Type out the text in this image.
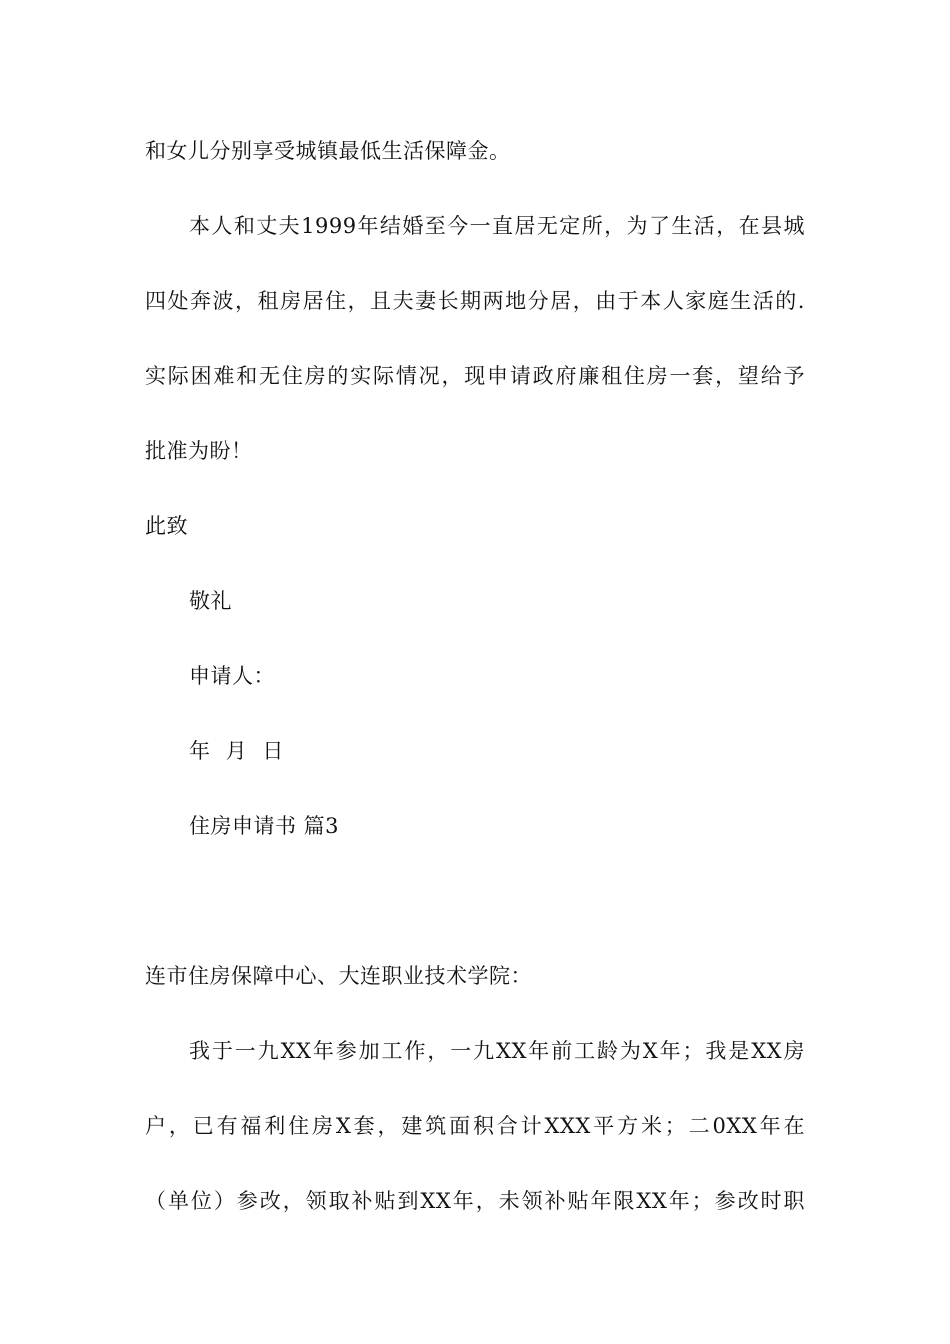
和女儿分别享受城镇最低生活保障金。
本人和丈夫1999年结婚至今一直居无定所，为了生活，在县城
四处奔波，租房居住，且夫妻长期两地分居，由于本人家庭生活的.
实际困难和无住房的实际情况，现申请政府廉租住房一套，望给予
批准为盼！
此致
敬礼
申请人：
年 月 日
住房申请书 篇3
连市住房保障中心、大连职业技术学院：
我于一九XX年参加工作，一九XX年前工龄为X年；我是XX房
户，已有福利住房X套，建筑面积合计XXX平方米；二0XX年在
（单位）参改，领取补贴到XX年，未领补贴年限XX年；参改时职
